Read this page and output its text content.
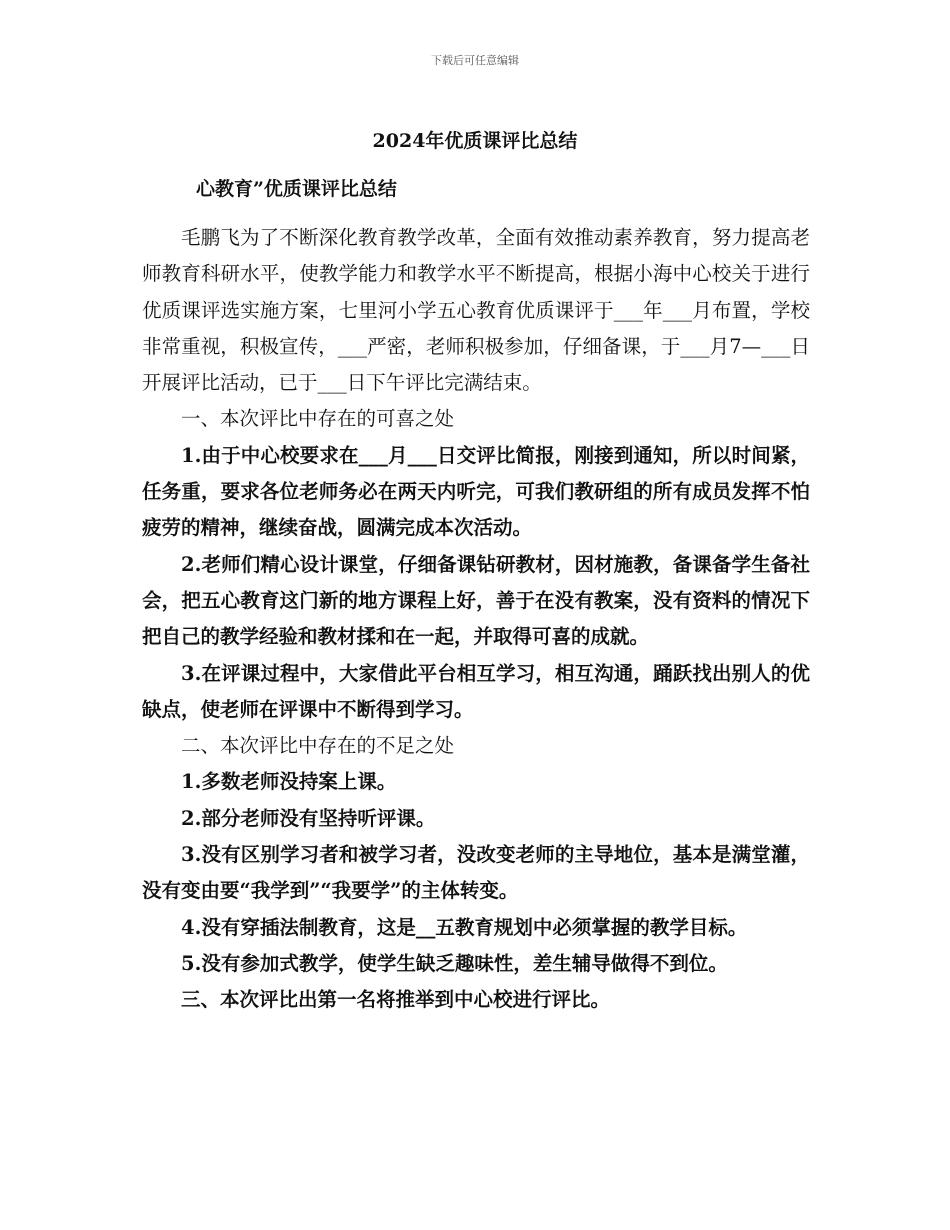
下载后可任意编辑
2024年优质课评比总结
心教育”优质课评比总结

毛鹏飞为了不断深化教育教学改革，全面有效推动素养教育，努力提高老师教育科研水平，使教学能力和教学水平不断提高，根据小海中心校关于进行优质课评选实施方案，七里河小学五心教育优质课评于___年___月布置，学校非常重视，积极宣传，___严密，老师积极参加，仔细备课，于___月7—___日开展评比活动，已于___日下午评比完满结束。

一、本次评比中存在的可喜之处

1.由于中心校要求在___月___日交评比简报，刚接到通知，所以时间紧，任务重，要求各位老师务必在两天内听完，可我们教研组的所有成员发挥不怕疲劳的精神，继续奋战，圆满完成本次活动。

2.老师们精心设计课堂，仔细备课钻研教材，因材施教，备课备学生备社会，把五心教育这门新的地方课程上好，善于在没有教案，没有资料的情况下把自己的教学经验和教材揉和在一起，并取得可喜的成就。

3.在评课过程中，大家借此平台相互学习，相互沟通，踊跃找出别人的优缺点，使老师在评课中不断得到学习。

二、本次评比中存在的不足之处

1.多数老师没持案上课。

2.部分老师没有坚持听评课。

3.没有区别学习者和被学习者，没改变老师的主导地位，基本是满堂灌，没有变由要“我学到”“我要学”的主体转变。

4.没有穿插法制教育，这是__五教育规划中必须掌握的教学目标。

5.没有参加式教学，使学生缺乏趣味性，差生辅导做得不到位。

三、本次评比出第一名将推举到中心校进行评比。
